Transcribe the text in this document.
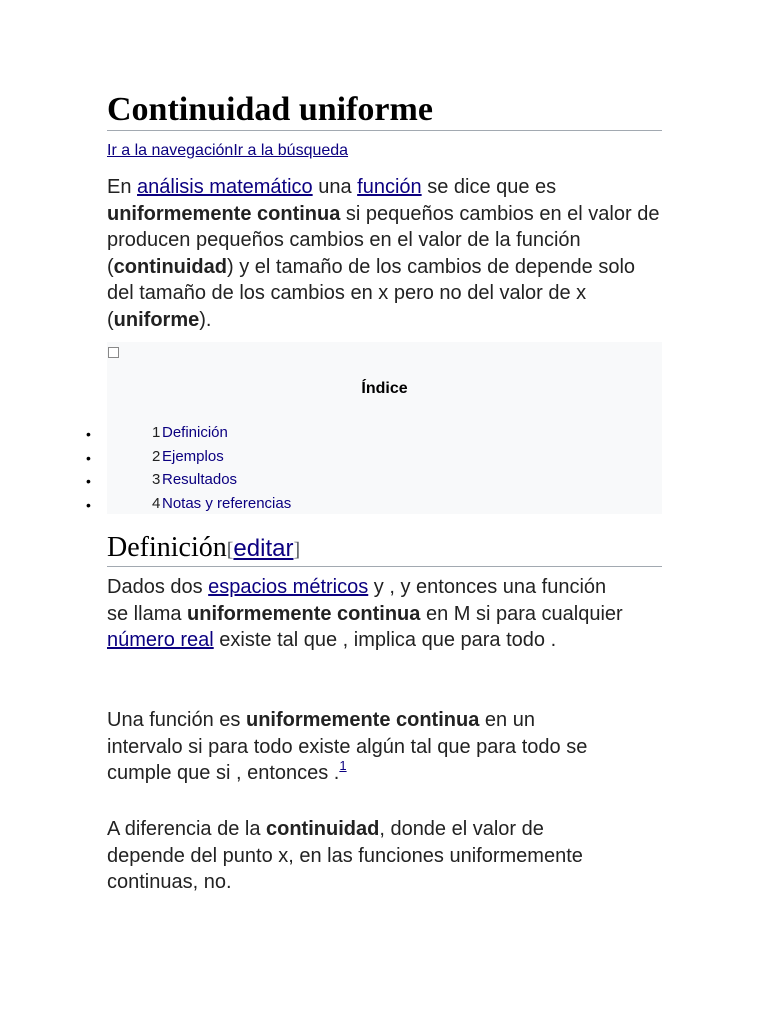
Continuidad uniforme
Ir a la navegaciónIr a la búsqueda

En análisis matemático una función se dice que es uniformemente continua si pequeños cambios en el valor de producen pequeños cambios en el valor de la función (continuidad) y el tamaño de los cambios de depende solo del tamaño de los cambios en x pero no del valor de x (uniforme).

Índice
•	1 Definición
•	2 Ejemplos
•	3 Resultados
•	4 Notas y referencias
Definición[editar]

Dados dos espacios métricos y , y entonces una función se llama uniformemente continua en M si para cualquier número real existe tal que , implica que para todo .

Una función es uniformemente continua en un intervalo si para todo existe algún tal que para todo se cumple que si , entonces .$^1$

A diferencia de la continuidad, donde el valor de depende del punto x, en las funciones uniformemente continuas, no.
